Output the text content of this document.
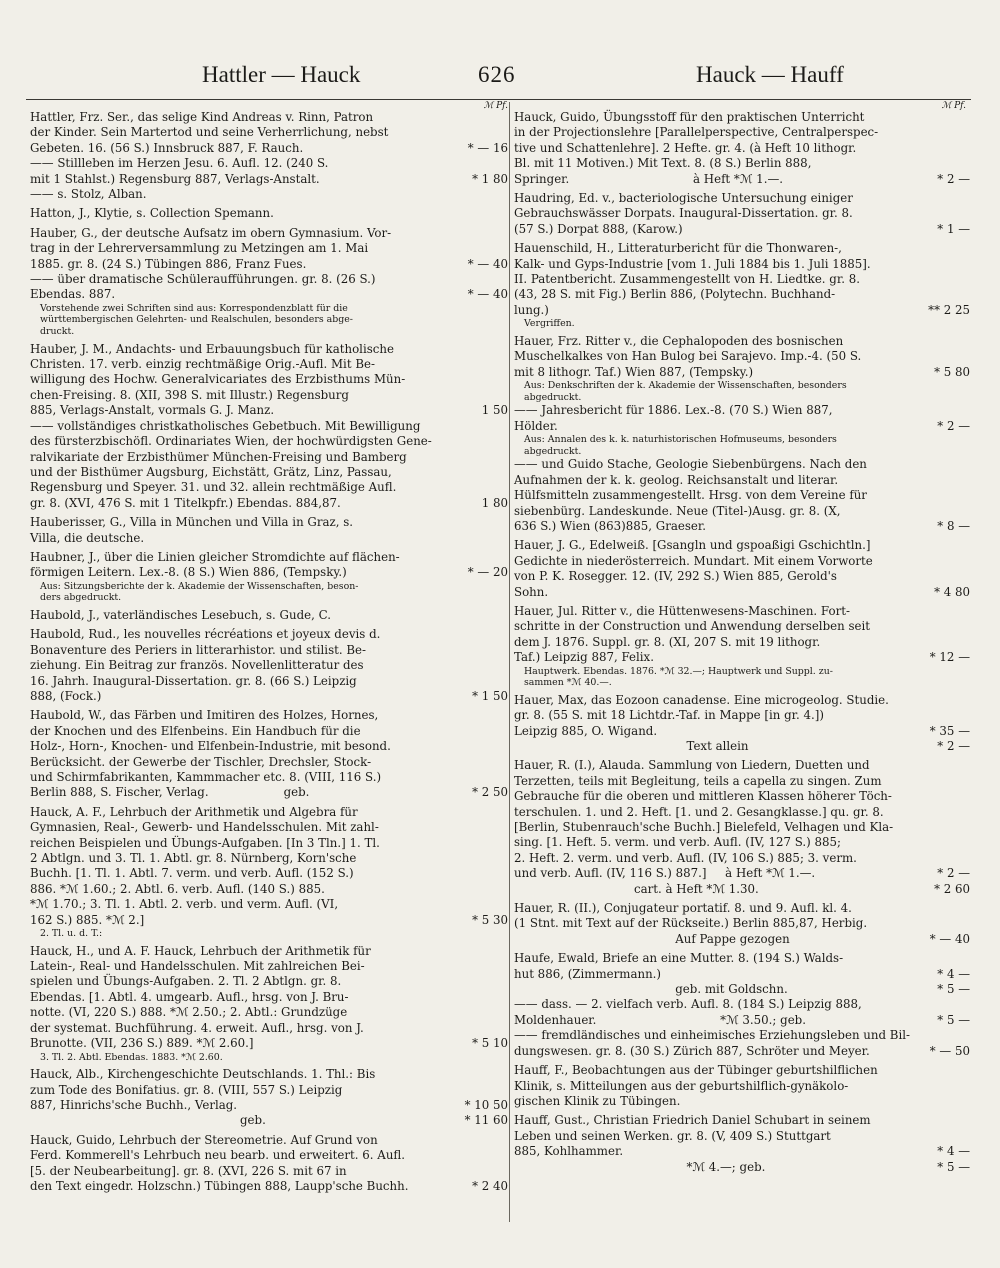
Hattler — Hauck	626	Hauck — Hauff
ℳ Pf.
Hattler, Frz. Ser., das selige Kind Andreas v. Rinn, Patron
der Kinder. Sein Martertod und seine Verherrlichung, nebst
Gebeten. 16. (56 S.) Innsbruck 887, F. Rauch.	* — 16
—— Stillleben im Herzen Jesu. 6. Aufl. 12. (240 S.
mit 1 Stahlst.) Regensburg 887, Verlags-Anstalt.	* 1 80
—— s. Stolz, Alban.
Hatton, J., Klytie, s. Collection Spemann.
Hauber, G., der deutsche Aufsatz im obern Gymnasium. Vor-
trag in der Lehrerversammlung zu Metzingen am 1. Mai
1885. gr. 8. (24 S.) Tübingen 886, Franz Fues.	* — 40
—— über dramatische Schüleraufführungen. gr. 8. (26 S.)
Ebendas. 887.	* — 40
Vorstehende zwei Schriften sind aus: Korrespondenzblatt für die
württembergischen Gelehrten- und Realschulen, besonders abge-
druckt.
Hauber, J. M., Andachts- und Erbauungsbuch für katholische
Christen. 17. verb. einzig rechtmäßige Orig.-Aufl. Mit Be-
willigung des Hochw. Generalvicariates des Erzbisthums Mün-
chen-Freising. 8. (XII, 398 S. mit Illustr.) Regensburg
885, Verlags-Anstalt, vormals G. J. Manz.	1 50
—— vollständiges christkatholisches Gebetbuch. Mit Bewilligung
des fürsterzbischöfl. Ordinariates Wien, der hochwürdigsten Gene-
ralvikariate der Erzbisthümer München-Freising und Bamberg
und der Bisthümer Augsburg, Eichstätt, Grätz, Linz, Passau,
Regensburg und Speyer. 31. und 32. allein rechtmäßige Aufl.
gr. 8. (XVI, 476 S. mit 1 Titelkpfr.) Ebendas. 884,87.	1 80
Hauberisser, G., Villa in München und Villa in Graz, s.
Villa, die deutsche.
Haubner, J., über die Linien gleicher Stromdichte auf flächen-
förmigen Leitern. Lex.-8. (8 S.) Wien 886, (Tempsky.)	* — 20
Aus: Sitzungsberichte der k. Akademie der Wissenschaften, beson-
ders abgedruckt.
Haubold, J., vaterländisches Lesebuch, s. Gude, C.
Haubold, Rud., les nouvelles récréations et joyeux devis d.
Bonaventure des Periers in litterarhistor. und stilist. Be-
ziehung. Ein Beitrag zur französ. Novellenlitteratur des
16. Jahrh. Inaugural-Dissertation. gr. 8. (66 S.) Leipzig
888, (Fock.)	* 1 50
Haubold, W., das Färben und Imitiren des Holzes, Hornes,
der Knochen und des Elfenbeins. Ein Handbuch für die
Holz-, Horn-, Knochen- und Elfenbein-Industrie, mit besond.
Berücksicht. der Gewerbe der Tischler, Drechsler, Stock-
und Schirmfabrikanten, Kammmacher etc. 8. (VIII, 116 S.)
Berlin 888, S. Fischer, Verlag.                    geb.	* 2 50
Hauck, A. F., Lehrbuch der Arithmetik und Algebra für
Gymnasien, Real-, Gewerb- und Handelsschulen. Mit zahl-
reichen Beispielen und Übungs-Aufgaben. [In 3 Tln.] 1. Tl.
2 Abtlgn. und 3. Tl. 1. Abtl. gr. 8. Nürnberg, Korn'sche
Buchh. [1. Tl. 1. Abtl. 7. verm. und verb. Aufl. (152 S.)
886. *ℳ 1.60.; 2. Abtl. 6. verb. Aufl. (140 S.) 885.
*ℳ 1.70.; 3. Tl. 1. Abtl. 2. verb. und verm. Aufl. (VI,
162 S.) 885. *ℳ 2.]	* 5 30
2. Tl. u. d. T.:
Hauck, H., und A. F. Hauck, Lehrbuch der Arithmetik für
Latein-, Real- und Handelsschulen. Mit zahlreichen Bei-
spielen und Übungs-Aufgaben. 2. Tl. 2 Abtlgn. gr. 8.
Ebendas. [1. Abtl. 4. umgearb. Aufl., hrsg. von J. Bru-
notte. (VI, 220 S.) 888. *ℳ 2.50.; 2. Abtl.: Grundzüge
der systemat. Buchführung. 4. erweit. Aufl., hrsg. von J.
Brunotte. (VII, 236 S.) 889. *ℳ 2.60.]	* 5 10
3. Tl. 2. Abtl. Ebendas. 1883. *ℳ 2.60.
Hauck, Alb., Kirchengeschichte Deutschlands. 1. Thl.: Bis
zum Tode des Bonifatius. gr. 8. (VIII, 557 S.) Leipzig
887, Hinrichs'sche Buchh., Verlag.	* 10 50
geb.	* 11 60
Hauck, Guido, Lehrbuch der Stereometrie. Auf Grund von
Ferd. Kommerell's Lehrbuch neu bearb. und erweitert. 6. Aufl.
[5. der Neubearbeitung]. gr. 8. (XVI, 226 S. mit 67 in
den Text eingedr. Holzschn.) Tübingen 888, Laupp'sche Buchh.	* 2 40
ℳ Pf.
Hauck, Guido, Übungsstoff für den praktischen Unterricht
in der Projectionslehre [Parallelperspective, Centralperspec-
tive und Schattenlehre]. 2 Hefte. gr. 4. (à Heft 10 lithogr.
Bl. mit 11 Motiven.) Mit Text. 8. (8 S.) Berlin 888,
Springer.                                 à Heft *ℳ 1.—.	* 2 —
Haudring, Ed. v., bacteriologische Untersuchung einiger
Gebrauchswässer Dorpats. Inaugural-Dissertation. gr. 8.
(57 S.) Dorpat 888, (Karow.)	* 1 —
Hauenschild, H., Litteraturbericht für die Thonwaren-,
Kalk- und Gyps-Industrie [vom 1. Juli 1884 bis 1. Juli 1885].
II. Patentbericht. Zusammengestellt von H. Liedtke. gr. 8.
(43, 28 S. mit Fig.) Berlin 886, (Polytechn. Buchhand-
lung.)	** 2 25
Vergriffen.
Hauer, Frz. Ritter v., die Cephalopoden des bosnischen
Muschelkalkes von Han Bulog bei Sarajevo. Imp.-4. (50 S.
mit 8 lithogr. Taf.) Wien 887, (Tempsky.)	* 5 80
Aus: Denkschriften der k. Akademie der Wissenschaften, besonders
abgedruckt.
—— Jahresbericht für 1886. Lex.-8. (70 S.) Wien 887,
Hölder.	* 2 —
Aus: Annalen des k. k. naturhistorischen Hofmuseums, besonders
abgedruckt.
—— und Guido Stache, Geologie Siebenbürgens. Nach den
Aufnahmen der k. k. geolog. Reichsanstalt und literar.
Hülfsmitteln zusammengestellt. Hrsg. von dem Vereine für
siebenbürg. Landeskunde. Neue (Titel-)Ausg. gr. 8. (X,
636 S.) Wien (863)885, Graeser.	* 8 —
Hauer, J. G., Edelweiß. [Gsangln und gspoaßigi Gschichtln.]
Gedichte in niederösterreich. Mundart. Mit einem Vorworte
von P. K. Rosegger. 12. (IV, 292 S.) Wien 885, Gerold's
Sohn.	* 4 80
Hauer, Jul. Ritter v., die Hüttenwesens-Maschinen. Fort-
schritte in der Construction und Anwendung derselben seit
dem J. 1876. Suppl. gr. 8. (XI, 207 S. mit 19 lithogr.
Taf.) Leipzig 887, Felix.	* 12 —
Hauptwerk. Ebendas. 1876. *ℳ 32.—; Hauptwerk und Suppl. zu-
sammen *ℳ 40.—.
Hauer, Max, das Eozoon canadense. Eine microgeolog. Studie.
gr. 8. (55 S. mit 18 Lichtdr.-Taf. in Mappe [in gr. 4.])
Leipzig 885, O. Wigand.	* 35 —
Text allein	* 2 —
Hauer, R. (I.), Alauda. Sammlung von Liedern, Duetten und
Terzetten, teils mit Begleitung, teils a capella zu singen. Zum
Gebrauche für die oberen und mittleren Klassen höherer Töch-
terschulen. 1. und 2. Heft. [1. und 2. Gesangklasse.] qu. gr. 8.
[Berlin, Stubenrauch'sche Buchh.] Bielefeld, Velhagen und Kla-
sing. [1. Heft. 5. verm. und verb. Aufl. (IV, 127 S.) 885;
2. Heft. 2. verm. und verb. Aufl. (IV, 106 S.) 885; 3. verm.
und verb. Aufl. (IV, 116 S.) 887.]     à Heft *ℳ 1.—.	* 2 —
cart. à Heft *ℳ 1.30.	* 2 60
Hauer, R. (II.), Conjugateur portatif. 8. und 9. Aufl. kl. 4.
(1 Stnt. mit Text auf der Rückseite.) Berlin 885,87, Herbig.
Auf Pappe gezogen	* — 40
Haufe, Ewald, Briefe an eine Mutter. 8. (194 S.) Walds-
hut 886, (Zimmermann.)	* 4 —
geb. mit Goldschn.	* 5 —
—— dass. — 2. vielfach verb. Aufl. 8. (184 S.) Leipzig 888,
Moldenhauer.                                 *ℳ 3.50.; geb.	* 5 —
—— fremdländisches und einheimisches Erziehungsleben und Bil-
dungswesen. gr. 8. (30 S.) Zürich 887, Schröter und Meyer.	* — 50
Hauff, F., Beobachtungen aus der Tübinger geburtshilflichen
Klinik, s. Mitteilungen aus der geburtshilflich-gynäkolo-
gischen Klinik zu Tübingen.
Hauff, Gust., Christian Friedrich Daniel Schubart in seinem
Leben und seinen Werken. gr. 8. (V, 409 S.) Stuttgart
885, Kohlhammer.	* 4 —
*ℳ 4.—; geb.	* 5 —
